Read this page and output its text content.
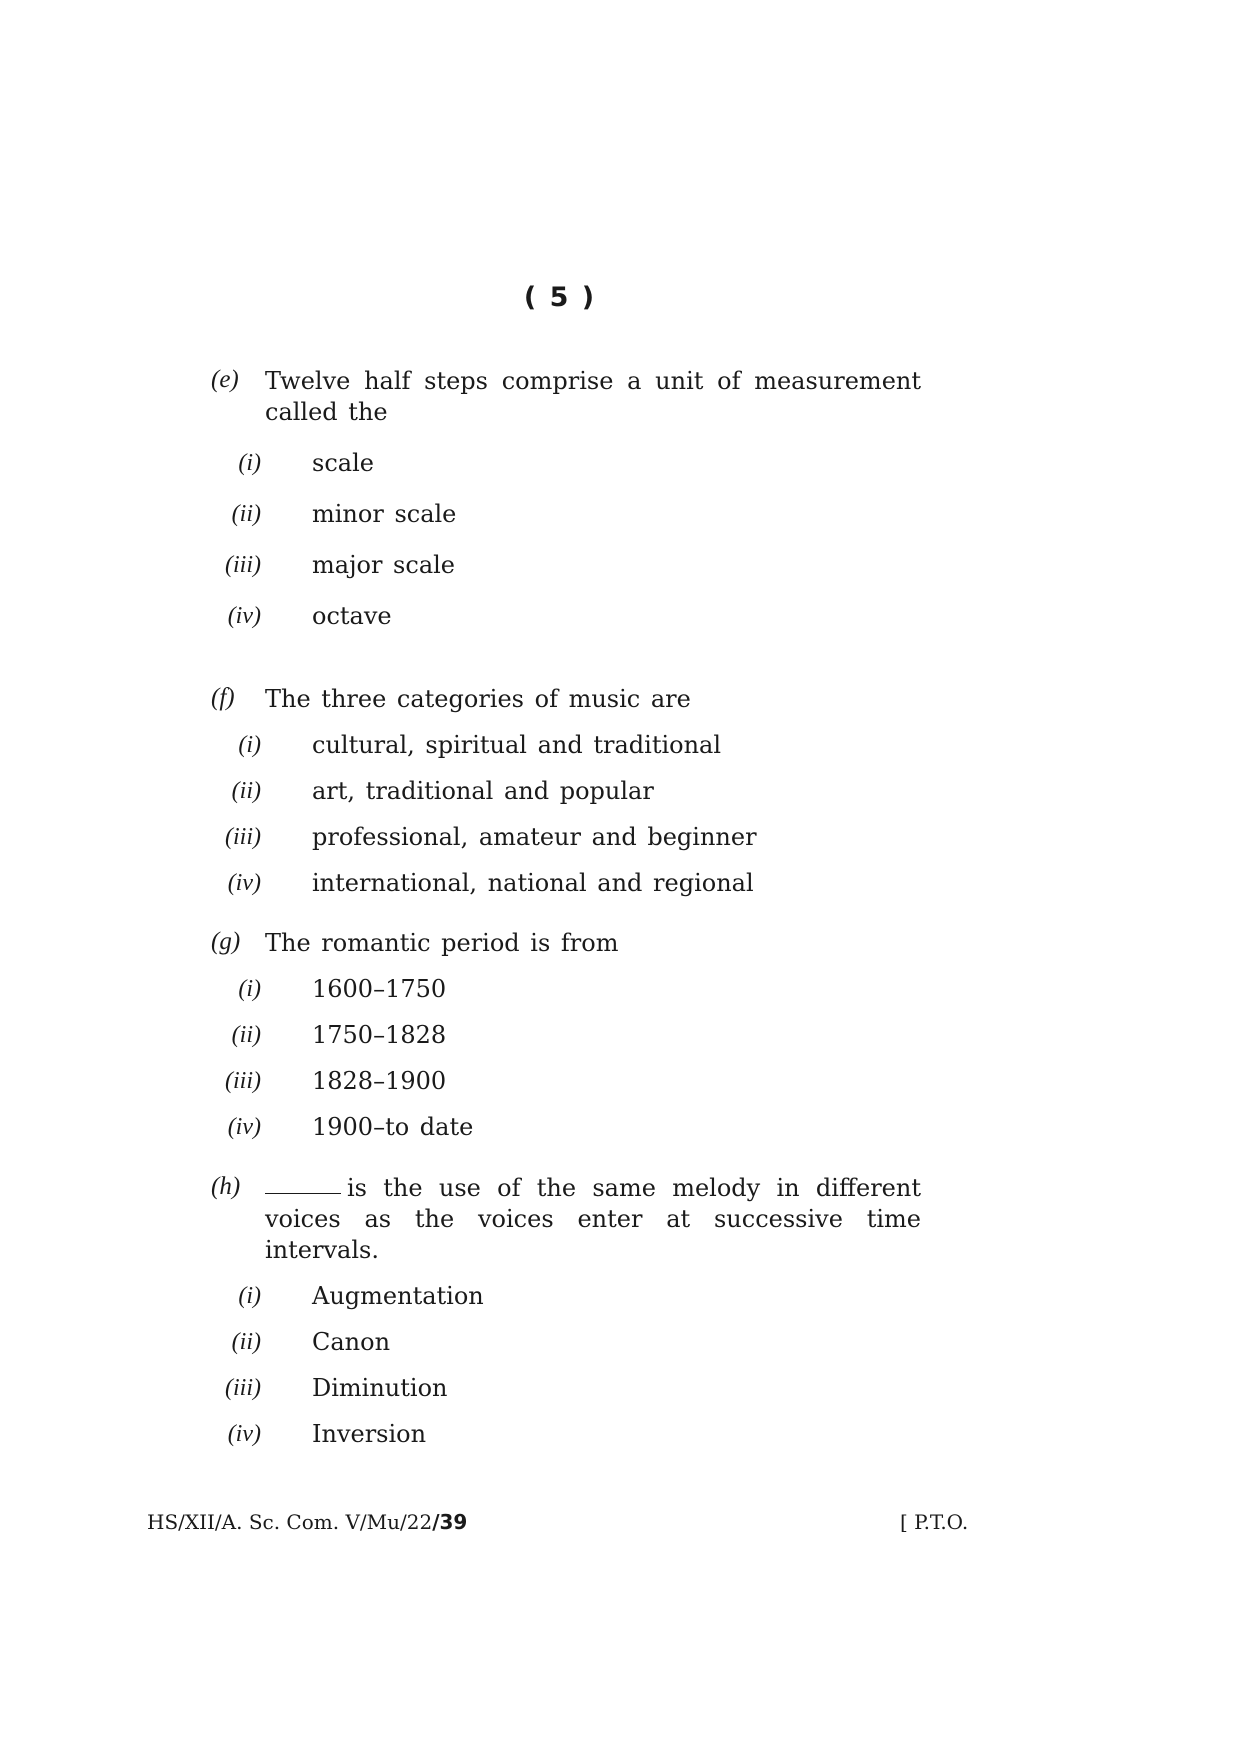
( 5 )
(e) Twelve half steps comprise a unit of measurement called the
(i) scale
(ii) minor scale
(iii) major scale
(iv) octave
(f) The three categories of music are
(i) cultural, spiritual and traditional
(ii) art, traditional and popular
(iii) professional, amateur and beginner
(iv) international, national and regional
(g) The romantic period is from
(i) 1600–1750
(ii) 1750–1828
(iii) 1828–1900
(iv) 1900–to date
(h)	is the use of the same melody in different voices as the voices enter at successive time intervals.
(i) Augmentation
(ii) Canon
(iii) Diminution
(iv) Inversion
HS/XII/A. Sc. Com. V/Mu/22/39	[ P.T.O.
